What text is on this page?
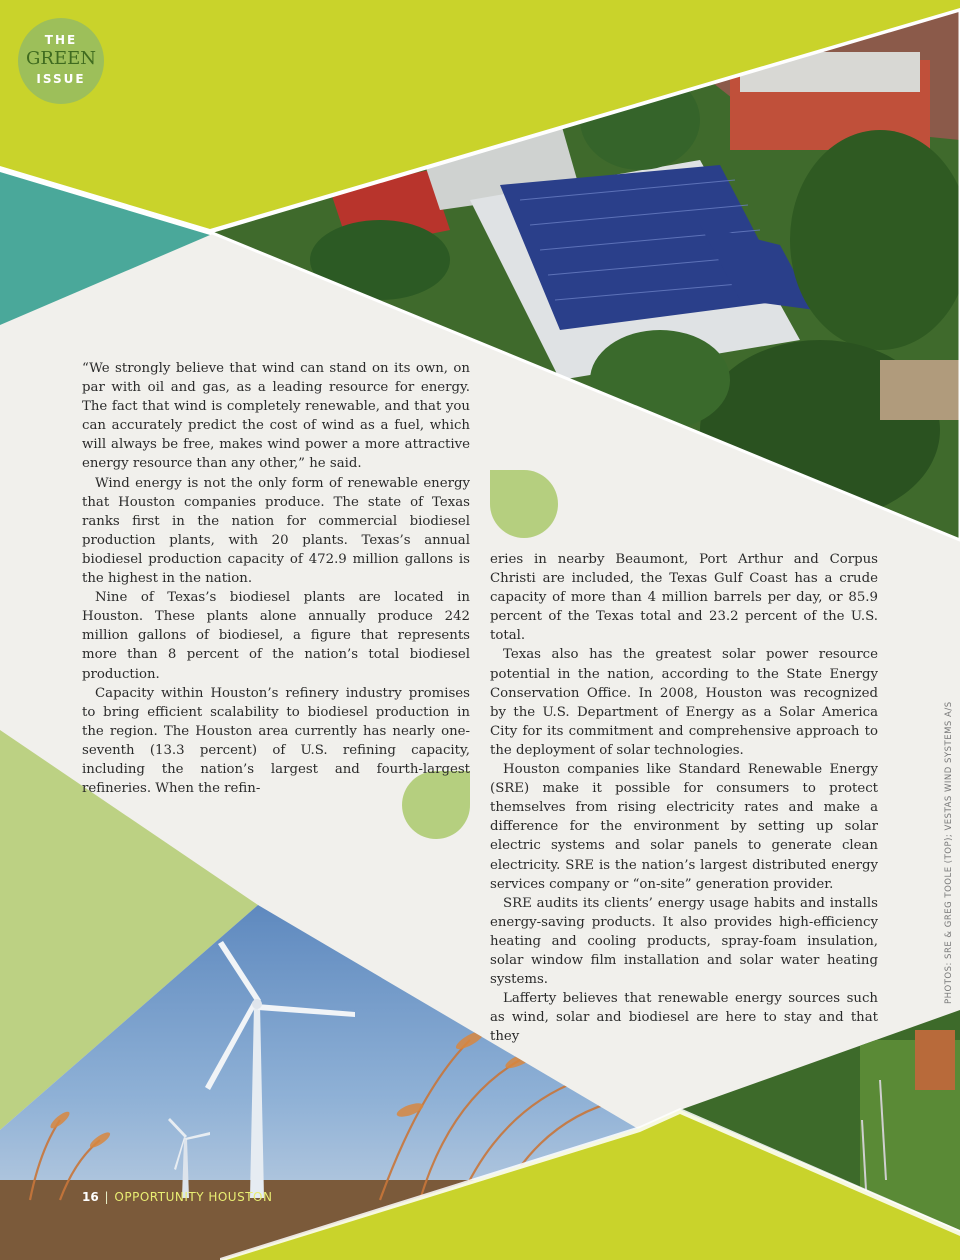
THE
GREEN
ISSUE

“We strongly believe that wind can stand on its own, on par with oil and gas, as a leading resource for energy. The fact that wind is completely renewable, and that you can accurately predict the cost of wind as a fuel, which will always be free, makes wind power a more attractive energy resource than any other,” he said.

Wind energy is not the only form of renewable energy that Houston companies produce. The state of Texas ranks first in the nation for commercial biodiesel production plants, with 20 plants. Texas’s annual biodiesel production capacity of 472.9 million gallons is the highest in the nation.

Nine of Texas’s biodiesel plants are located in Houston. These plants alone annually produce 242 million gallons of biodiesel, a figure that represents more than 8 percent of the nation’s total biodiesel production.

Capacity within Houston’s refinery industry promises to bring efficient scalability to biodiesel production in the region. The Houston area currently has nearly one-seventh (13.3 percent) of U.S. refining capacity, including the nation’s largest and fourth-largest refineries. When the refin-

eries in nearby Beaumont, Port Arthur and Corpus Christi are included, the Texas Gulf Coast has a crude capacity of more than 4 million barrels per day, or 85.9 percent of the Texas total and 23.2 percent of the U.S. total.

Texas also has the greatest solar power resource potential in the nation, according to the State Energy Conservation Office. In 2008, Houston was recognized by the U.S. Department of Energy as a Solar America City for its commitment and comprehensive approach to the deployment of solar technologies.

Houston companies like Standard Renewable Energy (SRE) make it possible for consumers to protect themselves from rising electricity rates and make a difference for the environment by setting up solar electric systems and solar panels to generate clean electricity. SRE is the nation’s largest distributed energy services company or “on-site” generation provider.

SRE audits its clients’ energy usage habits and installs energy-saving products. It also provides high-efficiency heating and cooling products, spray-foam insulation, solar window film installation and solar water heating systems.

Lafferty believes that renewable energy sources such as wind, solar and biodiesel are here to stay and that they

PHOTOS: SRE & GREG TOOLE (TOP); VESTAS WIND SYSTEMS A/S
16 | OPPORTUNITY HOUSTON
